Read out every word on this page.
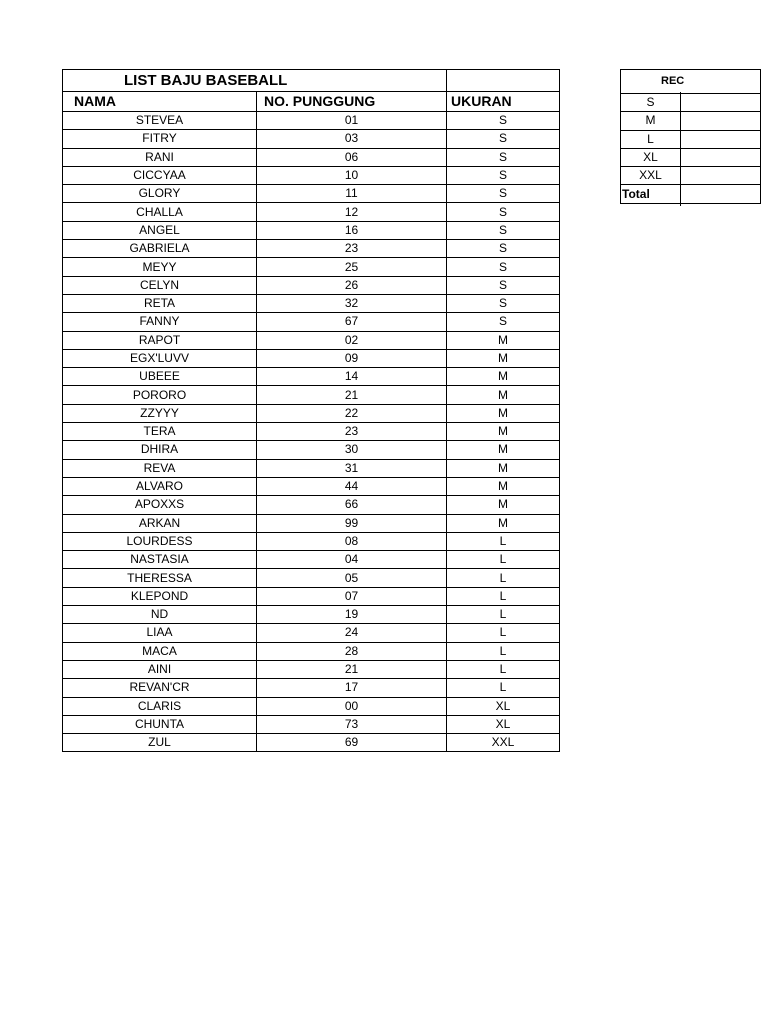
LIST BAJU BASEBALL		
NAMA	NO. PUNGGUNG	UKURAN
STEVEA	01	S
FITRY	03	S
RANI	06	S
CICCYAA	10	S
GLORY	11	S
CHALLA	12	S
ANGEL	16	S
GABRIELA	23	S
MEYY	25	S
CELYN	26	S
RETA	32	S
FANNY	67	S
RAPOT	02	M
EGX'LUVV	09	M
UBEEE	14	M
PORORO	21	M
ZZYYY	22	M
TERA	23	M
DHIRA	30	M
REVA	31	M
ALVARO	44	M
APOXXS	66	M
ARKAN	99	M
LOURDESS	08	L
NASTASIA	04	L
THERESSA	05	L
KLEPOND	07	L
ND	19	L
LIAA	24	L
MACA	28	L
AINI	21	L
REVAN'CR	17	L
CLARIS	00	XL
CHUNTA	73	XL
ZUL	69	XXL
REC	
S	
M	
L	
XL	
XXL	
Total	
